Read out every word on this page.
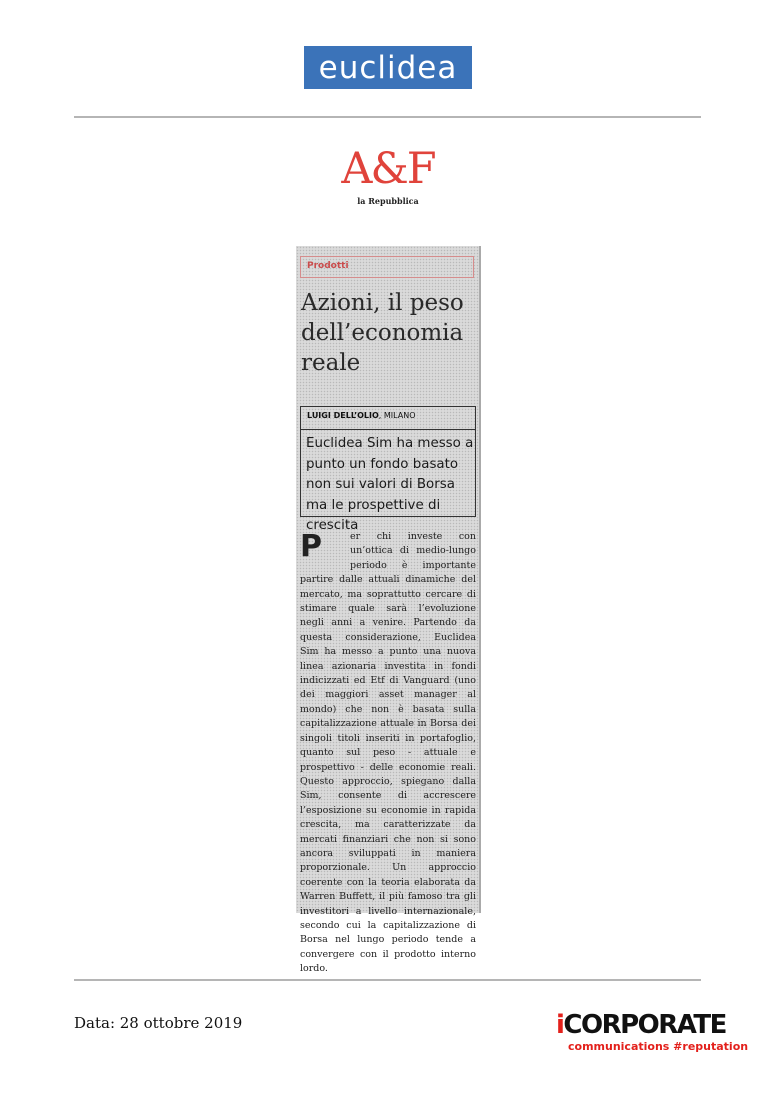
euclidea
A&F
la Repubblica
Prodotti
Azioni, il peso dell’economia reale
LUIGI DELL’OLIO, MILANO
Euclidea Sim ha messo a punto un fondo basato non sui valori di Borsa ma le prospettive di crescita
P	er chi investe con un’ottica di medio-lungo periodo è importante partire dalle attuali dinamiche del mercato, ma soprattutto cercare di stimare quale sarà l’evoluzione negli anni a venire. Partendo da questa considerazione, Euclidea Sim ha messo a punto una nuova linea azionaria investita in fondi indicizzati ed Etf di Vanguard (uno dei maggiori asset manager al mondo) che non è basata sulla capitalizzazione attuale in Borsa dei singoli titoli inseriti in portafoglio, quanto sul peso - attuale e prospettivo - delle economie reali. Questo approccio, spiegano dalla Sim, consente di accrescere l’esposizione su economie in rapida crescita, ma caratterizzate da mercati finanziari che non si sono ancora sviluppati in maniera proporzionale. Un approccio coerente con la teoria elaborata da Warren Buffett, il più famoso tra gli investitori a livello internazionale, secondo cui la capitalizzazione di Borsa nel lungo periodo tende a convergere con il prodotto interno lordo.
Data: 28 ottobre 2019	iCORPORATE
communications #reputation
